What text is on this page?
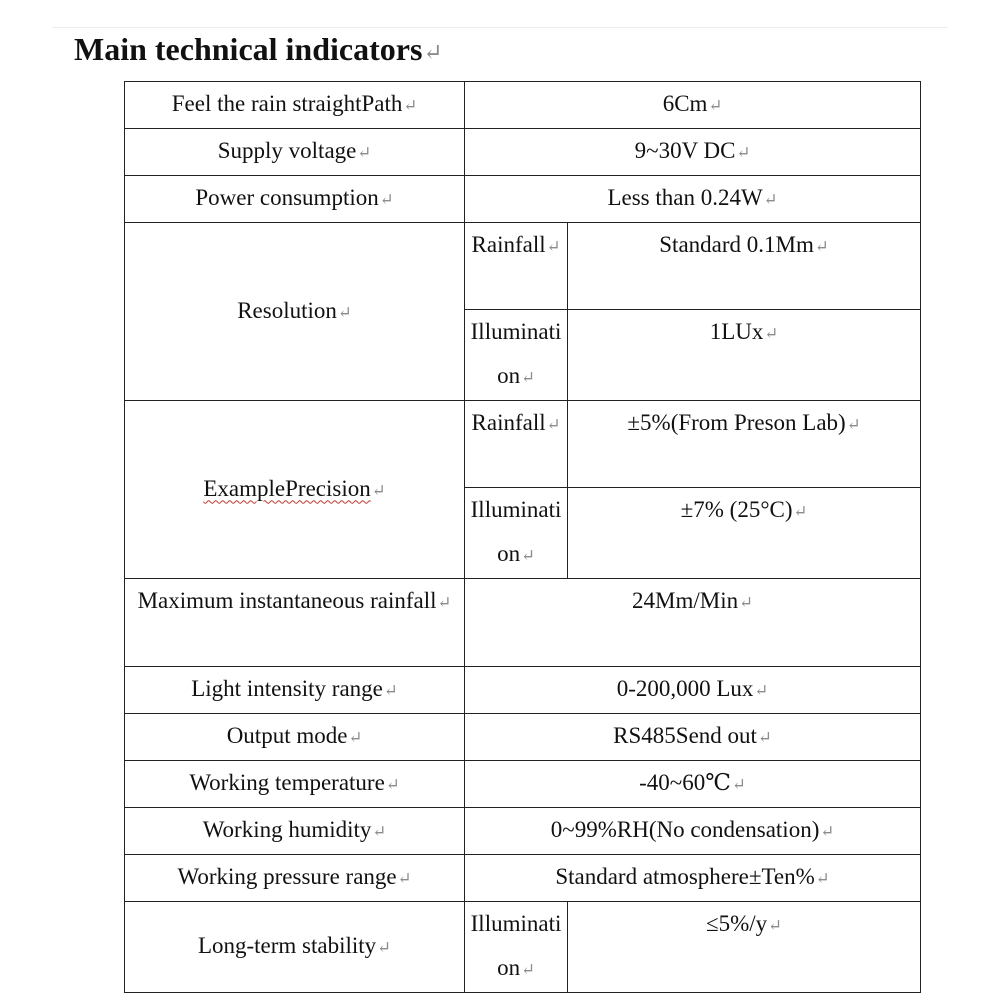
Main technical indicators↵
Feel the rain straightPath↵	6Cm↵	
Supply voltage↵	9~30V DC↵	
Power consumption↵	Less than 0.24W↵	
Resolution↵	Rainfall↵	Standard 0.1Mm↵
	Illumination↵	1LUx↵
ExamplePrecision↵	Rainfall↵	±5%(From Preson Lab)↵
	Illumination↵	±7% (25°C)↵
Maximum instantaneous rainfall↵	24Mm/Min↵	
Light intensity range↵	0-200,000 Lux↵	
Output mode↵	RS485Send out↵	
Working temperature↵	-40~60℃↵	
Working humidity↵	0~99%RH(No condensation)↵	
Working pressure range↵	Standard atmosphere±Ten%↵	
Long-term stability↵	Illumination↵	≤5%/y↵
